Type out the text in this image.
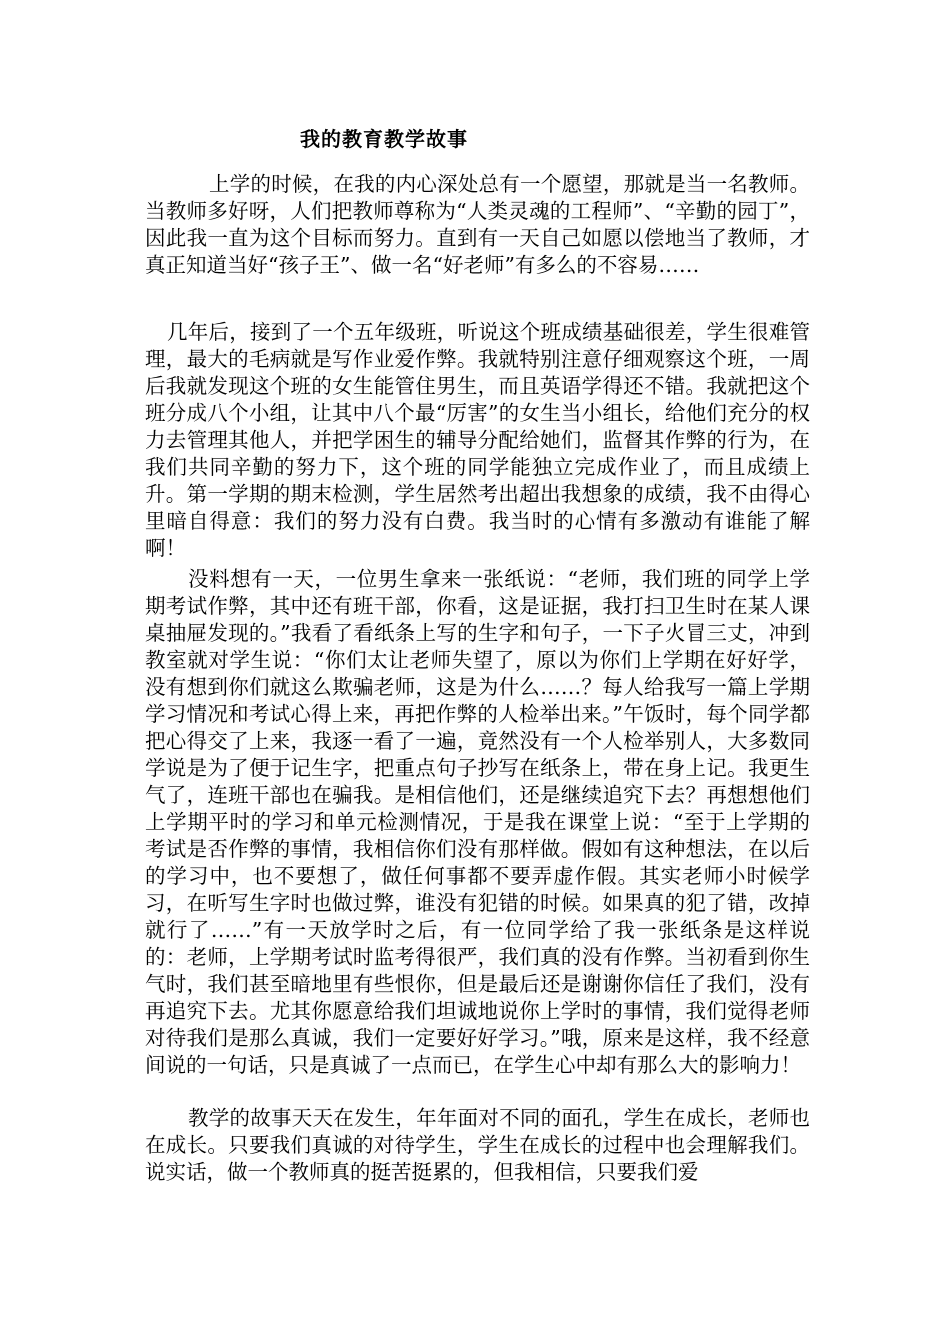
我的教育教学故事

上学的时候，在我的内心深处总有一个愿望，那就是当一名教师。当教师多好呀，人们把教师尊称为“人类灵魂的工程师”、“辛勤的园丁”，因此我一直为这个目标而努力。直到有一天自己如愿以偿地当了教师，才真正知道当好“孩子王”、做一名“好老师”有多么的不容易……

几年后，接到了一个五年级班，听说这个班成绩基础很差，学生很难管理，最大的毛病就是写作业爱作弊。我就特别注意仔细观察这个班，一周后我就发现这个班的女生能管住男生，而且英语学得还不错。我就把这个班分成八个小组，让其中八个最“厉害”的女生当小组长，给他们充分的权力去管理其他人，并把学困生的辅导分配给她们，监督其作弊的行为，在我们共同辛勤的努力下，这个班的同学能独立完成作业了，而且成绩上升。第一学期的期末检测，学生居然考出超出我想象的成绩，我不由得心里暗自得意：我们的努力没有白费。我当时的心情有多激动有谁能了解啊！

没料想有一天，一位男生拿来一张纸说：“老师，我们班的同学上学期考试作弊，其中还有班干部，你看，这是证据，我打扫卫生时在某人课桌抽屉发现的。”我看了看纸条上写的生字和句子，一下子火冒三丈，冲到教室就对学生说：“你们太让老师失望了，原以为你们上学期在好好学，没有想到你们就这么欺骗老师，这是为什么……？每人给我写一篇上学期学习情况和考试心得上来，再把作弊的人检举出来。”午饭时，每个同学都把心得交了上来，我逐一看了一遍，竟然没有一个人检举别人，大多数同学说是为了便于记生字，把重点句子抄写在纸条上，带在身上记。我更生气了，连班干部也在骗我。是相信他们，还是继续追究下去？再想想他们上学期平时的学习和单元检测情况，于是我在课堂上说：“至于上学期的考试是否作弊的事情，我相信你们没有那样做。假如有这种想法，在以后的学习中，也不要想了，做任何事都不要弄虚作假。其实老师小时候学习，在听写生字时也做过弊，谁没有犯错的时候。如果真的犯了错，改掉就行了……”有一天放学时之后，有一位同学给了我一张纸条是这样说的：老师，上学期考试时监考得很严，我们真的没有作弊。当初看到你生气时，我们甚至暗地里有些恨你，但是最后还是谢谢你信任了我们，没有再追究下去。尤其你愿意给我们坦诚地说你上学时的事情，我们觉得老师对待我们是那么真诚，我们一定要好好学习。”哦，原来是这样，我不经意间说的一句话，只是真诚了一点而已，在学生心中却有那么大的影响力！

教学的故事天天在发生，年年面对不同的面孔，学生在成长，老师也在成长。只要我们真诚的对待学生，学生在成长的过程中也会理解我们。说实话，做一个教师真的挺苦挺累的，但我相信，只要我们爱
